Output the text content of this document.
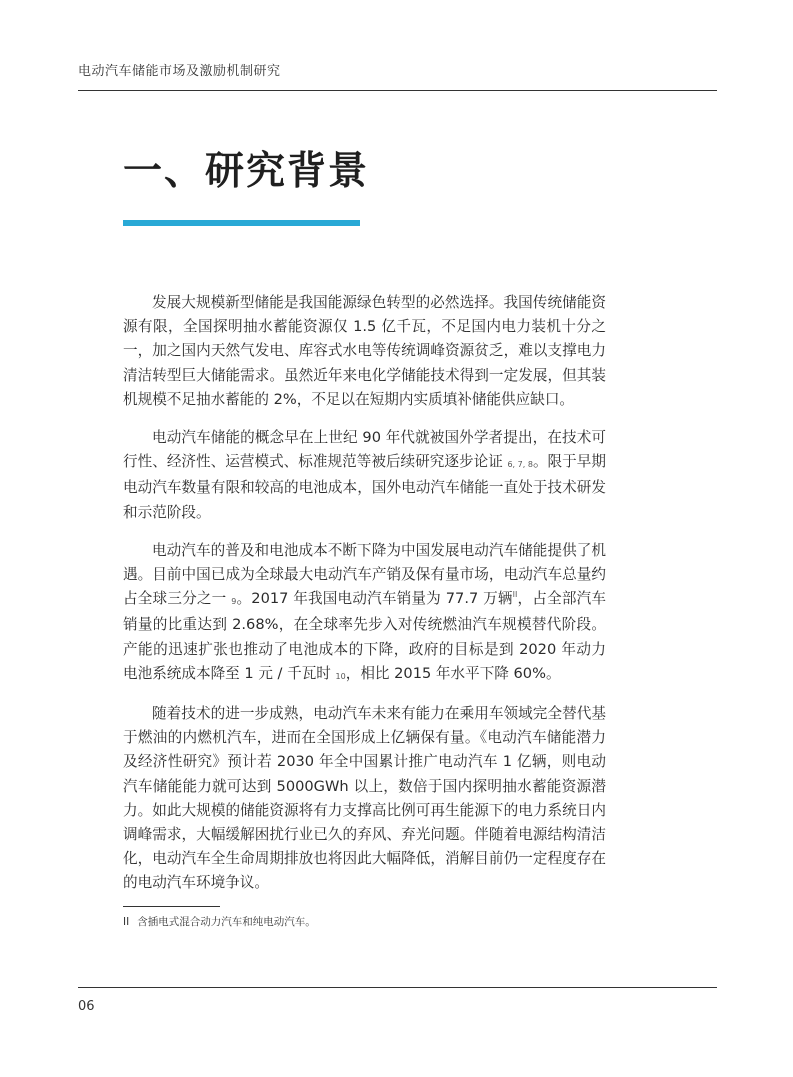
电动汽车储能市场及激励机制研究
一、研究背景

发展大规模新型储能是我国能源绿色转型的必然选择。我国传统储能资源有限，全国探明抽水蓄能资源仅 1.5 亿千瓦，不足国内电力装机十分之一，加之国内天然气发电、库容式水电等传统调峰资源贫乏，难以支撑电力清洁转型巨大储能需求。虽然近年来电化学储能技术得到一定发展，但其装机规模不足抽水蓄能的 2%，不足以在短期内实质填补储能供应缺口。

电动汽车储能的概念早在上世纪 90 年代就被国外学者提出，在技术可行性、经济性、运营模式、标准规范等被后续研究逐步论证 6, 7, 8。限于早期电动汽车数量有限和较高的电池成本，国外电动汽车储能一直处于技术研发和示范阶段。

电动汽车的普及和电池成本不断下降为中国发展电动汽车储能提供了机遇。目前中国已成为全球最大电动汽车产销及保有量市场，电动汽车总量约占全球三分之一 9。2017 年我国电动汽车销量为 77.7 万辆$^{II}$，占全部汽车销量的比重达到 2.68%，在全球率先步入对传统燃油汽车规模替代阶段。产能的迅速扩张也推动了电池成本的下降，政府的目标是到 2020 年动力电池系统成本降至 1 元 / 千瓦时 10，相比 2015 年水平下降 60%。

随着技术的进一步成熟，电动汽车未来有能力在乘用车领域完全替代基于燃油的内燃机汽车，进而在全国形成上亿辆保有量。《电动汽车储能潜力及经济性研究》预计若 2030 年全中国累计推广电动汽车 1 亿辆，则电动汽车储能能力就可达到 5000GWh 以上，数倍于国内探明抽水蓄能资源潜力。如此大规模的储能资源将有力支撑高比例可再生能源下的电力系统日内调峰需求，大幅缓解困扰行业已久的弃风、弃光问题。伴随着电源结构清洁化，电动汽车全生命周期排放也将因此大幅降低，消解目前仍一定程度存在的电动汽车环境争议。

II 含插电式混合动力汽车和纯电动汽车。
06
